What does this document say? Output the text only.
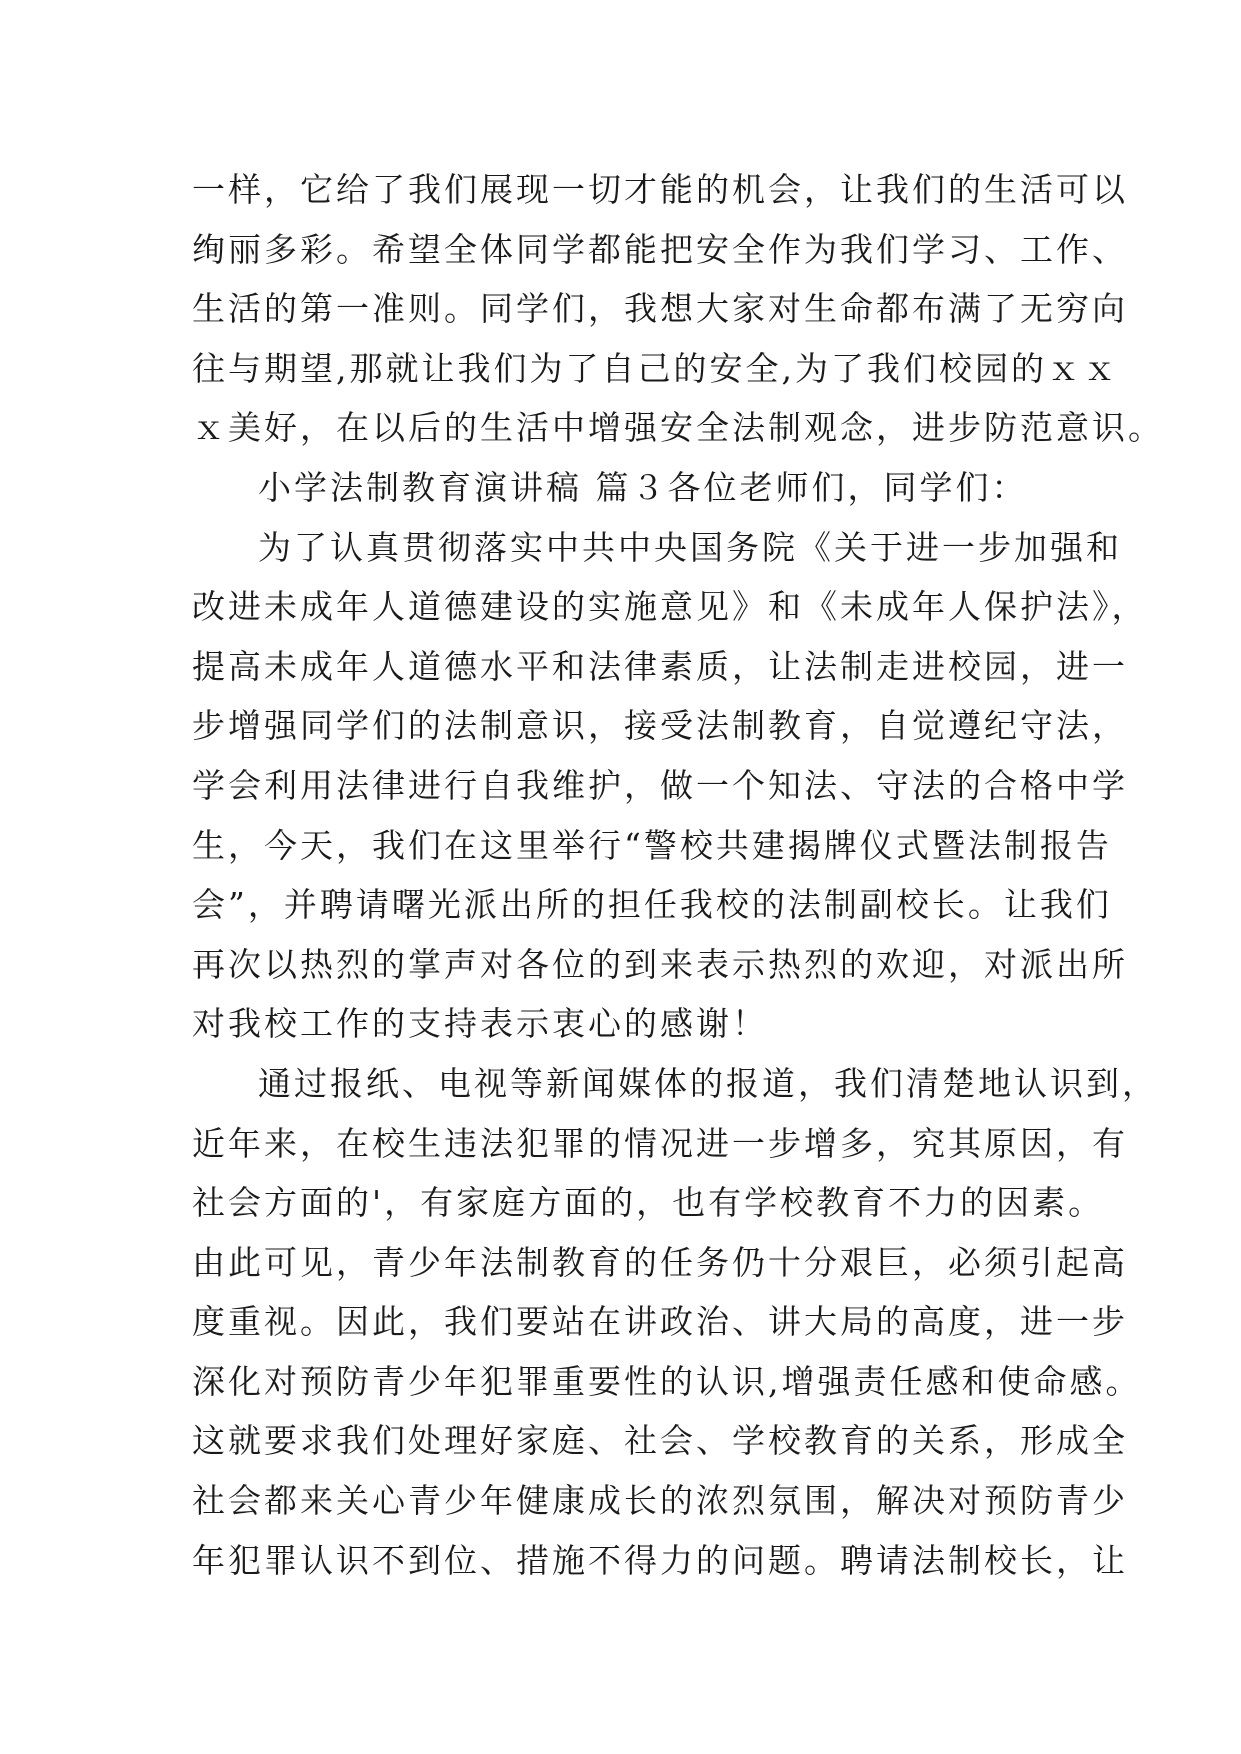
一样，它给了我们展现一切才能的机会，让我们的生活可以
绚丽多彩。希望全体同学都能把安全作为我们学习、工作、
生活的第一准则。同学们，我想大家对生命都布满了无穷向
往与期望,那就让我们为了自己的安全,为了我们校园的ｘｘ
ｘ美好，在以后的生活中增强安全法制观念，进步防范意识。
小学法制教育演讲稿 篇３各位老师们，同学们：
为了认真贯彻落实中共中央国务院《关于进一步加强和
改进未成年人道德建设的实施意见》和《未成年人保护法》，
提高未成年人道德水平和法律素质，让法制走进校园，进一
步增强同学们的法制意识，接受法制教育，自觉遵纪守法，
学会利用法律进行自我维护，做一个知法、守法的合格中学
生，今天，我们在这里举行“警校共建揭牌仪式暨法制报告
会”，并聘请曙光派出所的担任我校的法制副校长。让我们
再次以热烈的掌声对各位的到来表示热烈的欢迎，对派出所
对我校工作的支持表示衷心的感谢！
通过报纸、电视等新闻媒体的报道，我们清楚地认识到，
近年来，在校生违法犯罪的情况进一步增多，究其原因，有
社会方面的'，有家庭方面的，也有学校教育不力的因素。
由此可见，青少年法制教育的任务仍十分艰巨，必须引起高
度重视。因此，我们要站在讲政治、讲大局的高度，进一步
深化对预防青少年犯罪重要性的认识,增强责任感和使命感。
这就要求我们处理好家庭、社会、学校教育的关系，形成全
社会都来关心青少年健康成长的浓烈氛围，解决对预防青少
年犯罪认识不到位、措施不得力的问题。聘请法制校长，让
